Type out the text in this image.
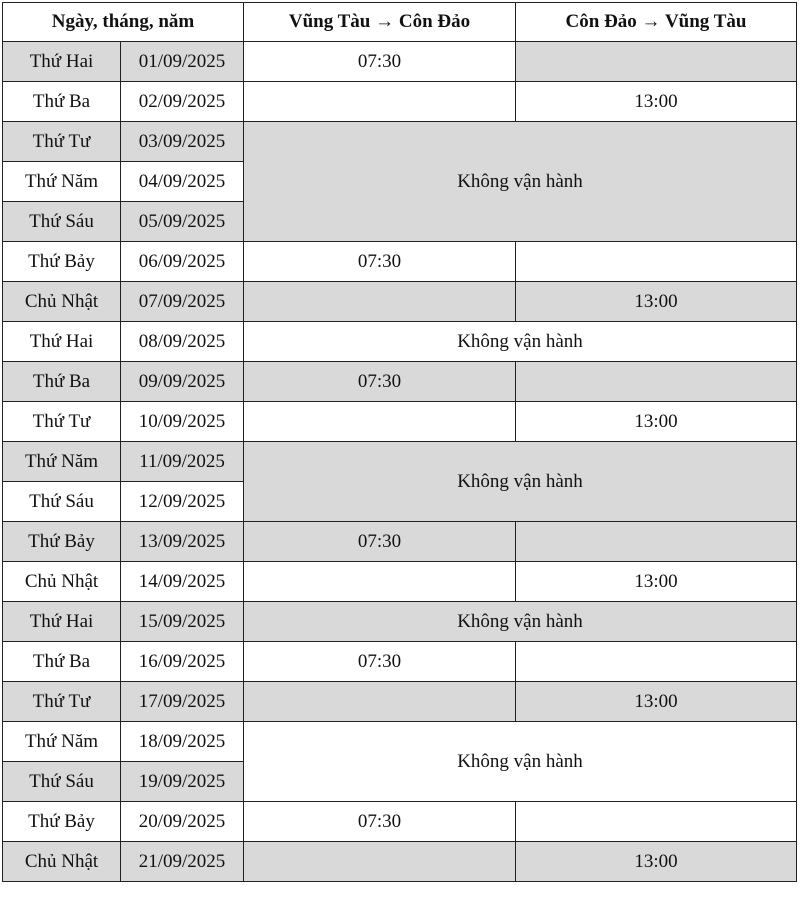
Ngày, tháng, năm		Vũng Tàu → Côn Đảo	Côn Đảo → Vũng Tàu
Thứ Hai	01/09/2025	07:30	
Thứ Ba	02/09/2025		13:00
Thứ Tư	03/09/2025	Không vận hành	
Thứ Năm	04/09/2025		
Thứ Sáu	05/09/2025		
Thứ Bảy	06/09/2025	07:30	
Chủ Nhật	07/09/2025		13:00
Thứ Hai	08/09/2025	Không vận hành	
Thứ Ba	09/09/2025	07:30	
Thứ Tư	10/09/2025		13:00
Thứ Năm	11/09/2025	Không vận hành	
Thứ Sáu	12/09/2025		
Thứ Bảy	13/09/2025	07:30	
Chủ Nhật	14/09/2025		13:00
Thứ Hai	15/09/2025	Không vận hành	
Thứ Ba	16/09/2025	07:30	
Thứ Tư	17/09/2025		13:00
Thứ Năm	18/09/2025	Không vận hành	
Thứ Sáu	19/09/2025		
Thứ Bảy	20/09/2025	07:30	
Chủ Nhật	21/09/2025		13:00
